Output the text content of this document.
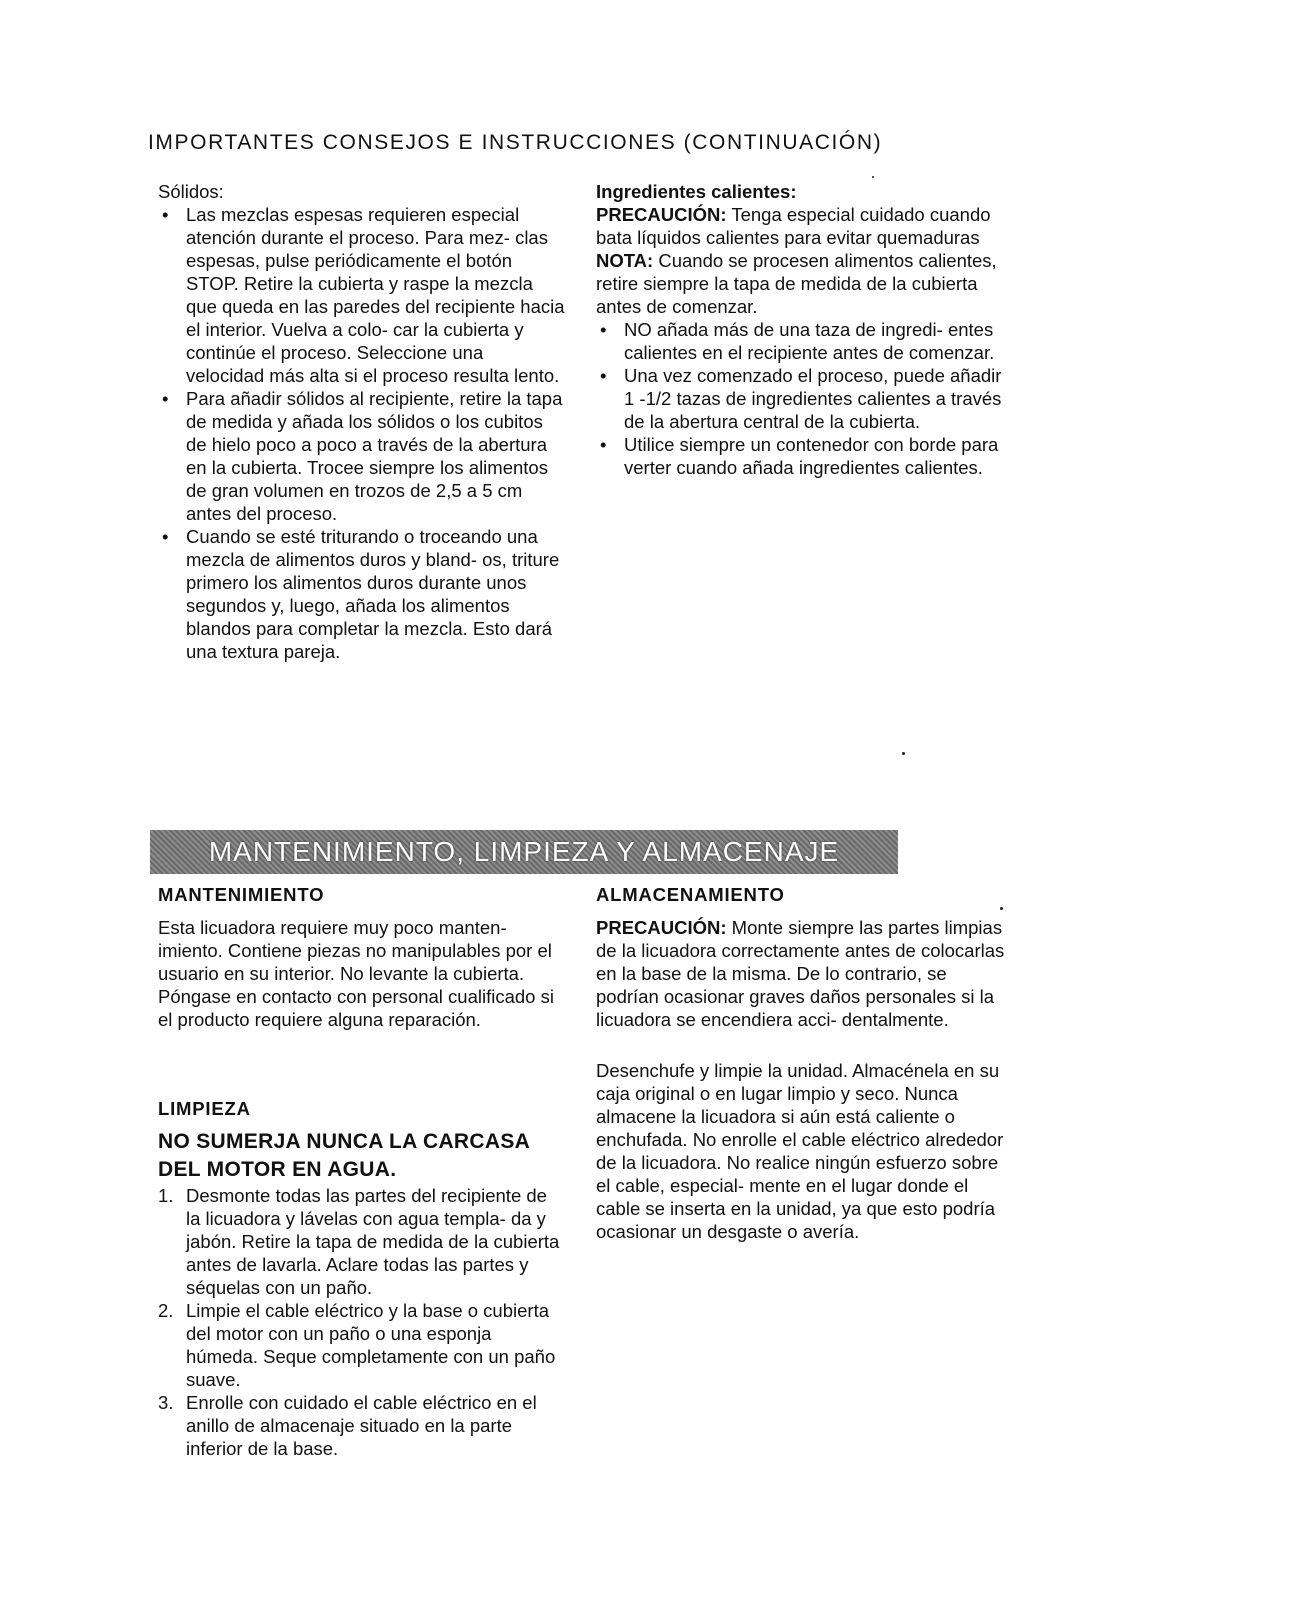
IMPORTANTES CONSEJOS E INSTRUCCIONES (CONTINUACIÓN)
Sólidos:
• Las mezclas espesas requieren especial atención durante el proceso. Para mez- clas espesas, pulse periódicamente el botón STOP. Retire la cubierta y raspe la mezcla que queda en las paredes del recipiente hacia el interior. Vuelva a colo- car la cubierta y continúe el proceso. Seleccione una velocidad más alta si el proceso resulta lento.
• Para añadir sólidos al recipiente, retire la tapa de medida y añada los sólidos o los cubitos de hielo poco a poco a través de la abertura en la cubierta. Trocee siempre los alimentos de gran volumen en trozos de 2,5 a 5 cm antes del proceso.
• Cuando se esté triturando o troceando una mezcla de alimentos duros y bland- os, triture primero los alimentos duros durante unos segundos y, luego, añada los alimentos blandos para completar la mezcla. Esto dará una textura pareja.
Ingredientes calientes:

PRECAUCIÓN: Tenga especial cuidado cuando bata líquidos calientes para evitar quemaduras

NOTA: Cuando se procesen alimentos calientes, retire siempre la tapa de medida de la cubierta antes de comenzar.

• NO añada más de una taza de ingredi- entes calientes en el recipiente antes de comenzar.
• Una vez comenzado el proceso, puede añadir 1 -1/2 tazas de ingredientes calientes a través de la abertura central de la cubierta.
• Utilice siempre un contenedor con borde para verter cuando añada ingredientes calientes.
MANTENIMIENTO, LIMPIEZA Y ALMACENAJE
MANTENIMIENTO

Esta licuadora requiere muy poco manten- imiento. Contiene piezas no manipulables por el usuario en su interior. No levante la cubierta. Póngase en contacto con personal cualificado si el producto requiere alguna reparación.

LIMPIEZA
NO SUMERJA NUNCA LA CARCASA DEL MOTOR EN AGUA.
1. Desmonte todas las partes del recipiente de la licuadora y lávelas con agua templa- da y jabón. Retire la tapa de medida de la cubierta antes de lavarla. Aclare todas las partes y séquelas con un paño.
2. Limpie el cable eléctrico y la base o cubierta del motor con un paño o una esponja húmeda. Seque completamente con un paño suave.
3. Enrolle con cuidado el cable eléctrico en el anillo de almacenaje situado en la parte inferior de la base.
ALMACENAMIENTO

PRECAUCIÓN: Monte siempre las partes limpias de la licuadora correctamente antes de colocarlas en la base de la misma. De lo contrario, se podrían ocasionar graves daños personales si la licuadora se encendiera acci- dentalmente.

Desenchufe y limpie la unidad. Almacénela en su caja original o en lugar limpio y seco. Nunca almacene la licuadora si aún está caliente o enchufada. No enrolle el cable eléctrico alrededor de la licuadora. No realice ningún esfuerzo sobre el cable, especial- mente en el lugar donde el cable se inserta en la unidad, ya que esto podría ocasionar un desgaste o avería.
